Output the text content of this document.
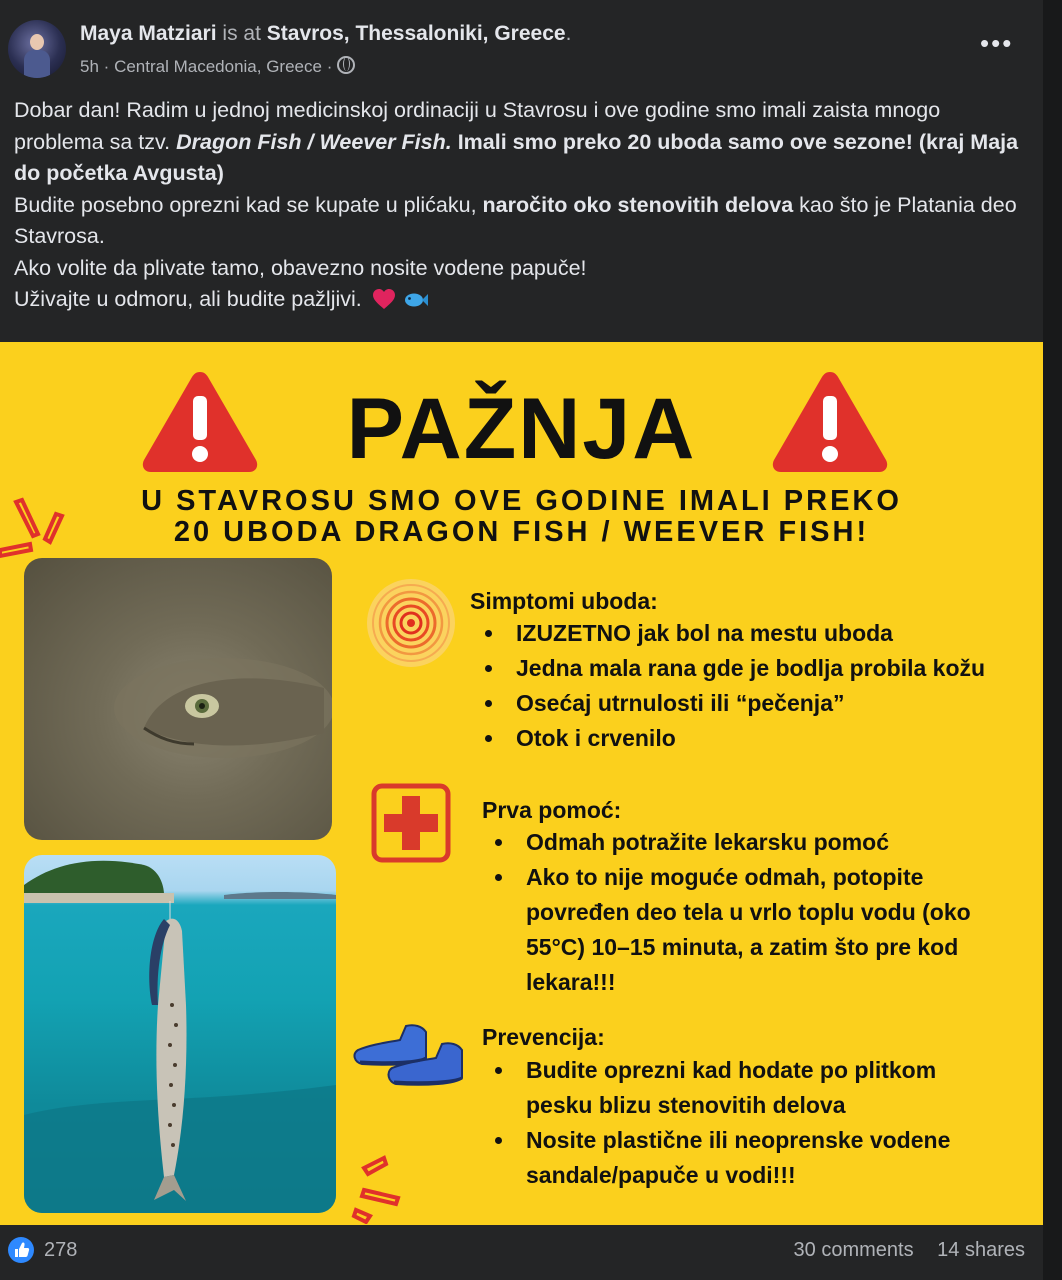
Maya Matziari is at Stavros, Thessaloniki, Greece.
5h · Central Macedonia, Greece ·
•••

Dobar dan! Radim u jednoj medicinskoj ordinaciji u Stavrosu i ove godine smo imali zaista mnogo problema sa tzv. Dragon Fish / Weever Fish. Imali smo preko 20 uboda samo ove sezone! (kraj Maja do početka Avgusta)

Budite posebno oprezni kad se kupate u plićaku, naročito oko stenovitih delova kao što je Platania deo Stavrosa.

Ako volite da plivate tamo, obavezno nosite vodene papuče!

Uživajte u odmoru, ali budite pažljivi.

PAŽNJA
U STAVROSU SMO OVE GODINE IMALI PREKO
20 UBODA DRAGON FISH / WEEVER FISH!
Simptomi uboda:
• IZUZETNO jak bol na mestu uboda
• Jedna mala rana gde je bodlja probila kožu
• Osećaj utrnulosti ili “pečenja”
• Otok i crvenilo
Prva pomoć:
• Odmah potražite lekarsku pomoć
• Ako to nije moguće odmah, potopite povređen deo tela u vrlo toplu vodu (oko 55°C) 10–15 minuta, a zatim što pre kod lekara!!!
Prevencija:
• Budite oprezni kad hodate po plitkom pesku blizu stenovitih delova
• Nosite plastične ili neoprenske vodene sandale/papuče u vodi!!!
278	30 comments 14 shares
